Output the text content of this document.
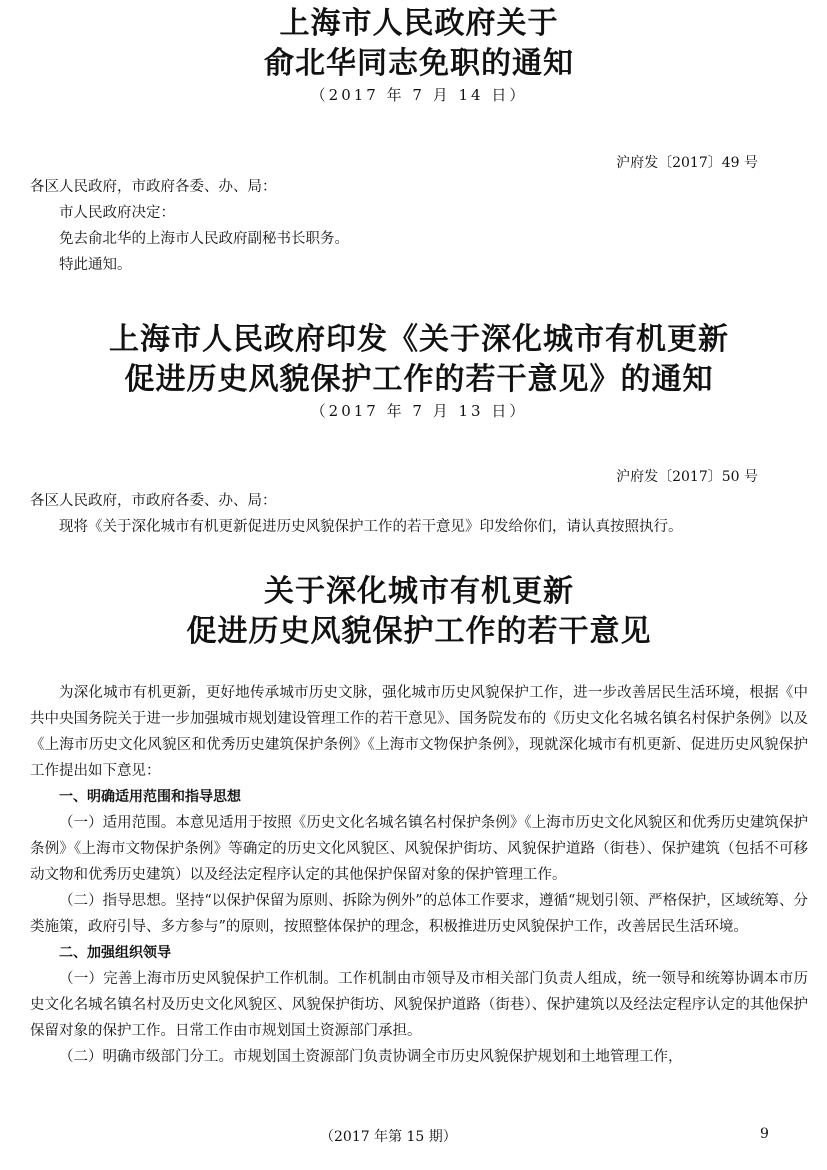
上海市人民政府关于

俞北华同志免职的通知

（2017 年 7 月 14 日）
沪府发〔2017〕49 号

各区人民政府，市政府各委、办、局：

市人民政府决定：

免去俞北华的上海市人民政府副秘书长职务。

特此通知。

上海市人民政府印发《关于深化城市有机更新

促进历史风貌保护工作的若干意见》的通知

（2017 年 7 月 13 日）
沪府发〔2017〕50 号

各区人民政府，市政府各委、办、局：

现将《关于深化城市有机更新促进历史风貌保护工作的若干意见》印发给你们，请认真按照执行。

关于深化城市有机更新

促进历史风貌保护工作的若干意见

为深化城市有机更新，更好地传承城市历史文脉，强化城市历史风貌保护工作，进一步改善居民生活环境，根据《中共中央国务院关于进一步加强城市规划建设管理工作的若干意见》、国务院发布的《历史文化名城名镇名村保护条例》以及《上海市历史文化风貌区和优秀历史建筑保护条例》《上海市文物保护条例》，现就深化城市有机更新、促进历史风貌保护工作提出如下意见：

一、明确适用范围和指导思想

（一）适用范围。本意见适用于按照《历史文化名城名镇名村保护条例》《上海市历史文化风貌区和优秀历史建筑保护条例》《上海市文物保护条例》等确定的历史文化风貌区、风貌保护街坊、风貌保护道路（街巷）、保护建筑（包括不可移动文物和优秀历史建筑）以及经法定程序认定的其他保护保留对象的保护管理工作。

（二）指导思想。坚持“以保护保留为原则、拆除为例外”的总体工作要求，遵循“规划引领、严格保护，区域统筹、分类施策，政府引导、多方参与”的原则，按照整体保护的理念，积极推进历史风貌保护工作，改善居民生活环境。

二、加强组织领导

（一）完善上海市历史风貌保护工作机制。工作机制由市领导及市相关部门负责人组成，统一领导和统筹协调本市历史文化名城名镇名村及历史文化风貌区、风貌保护街坊、风貌保护道路（街巷）、保护建筑以及经法定程序认定的其他保护保留对象的保护工作。日常工作由市规划国土资源部门承担。

（二）明确市级部门分工。市规划国土资源部门负责协调全市历史风貌保护规划和土地管理工作，

（2017 年第 15 期）	9
